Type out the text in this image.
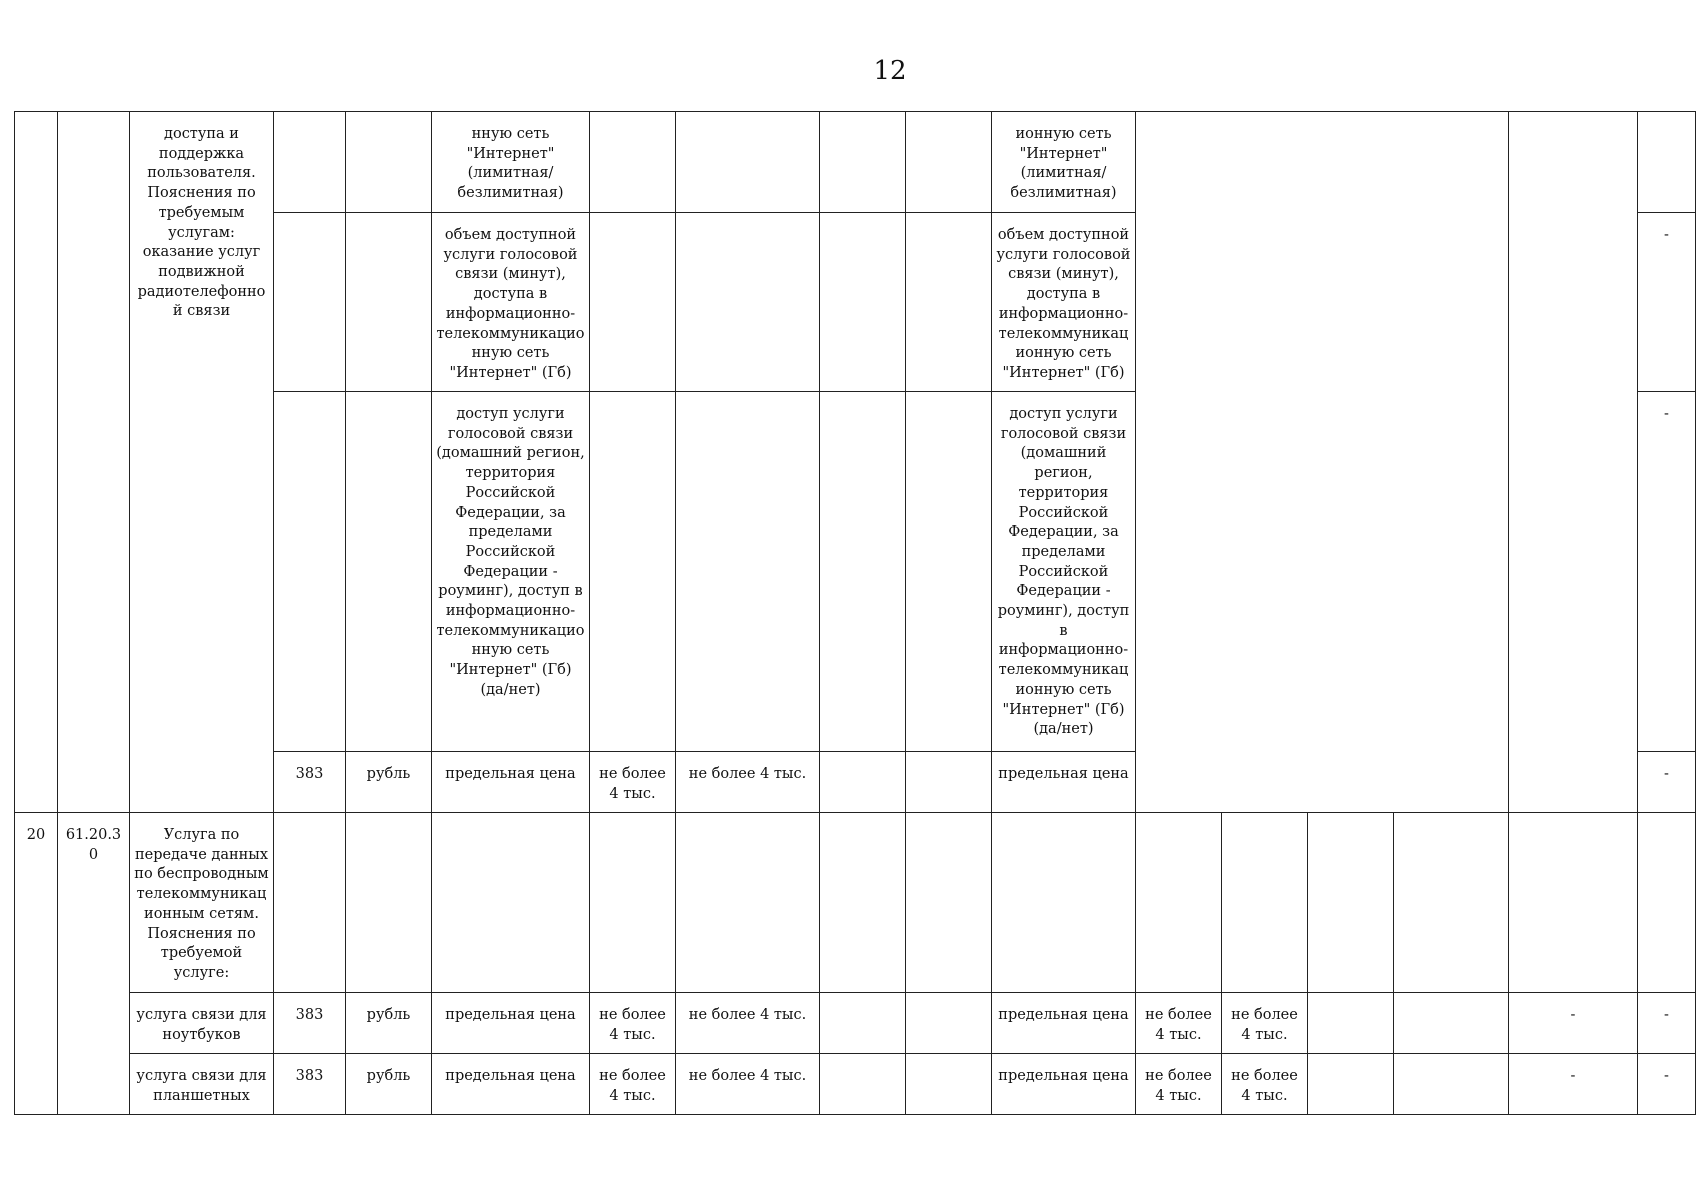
12
		доступа и поддержка пользователя. Пояснения по требуемым услугам: оказание услуг подвижной радиотелефонной связи			нную сеть "Интернет" (лимитная/ безлимитная)					ионную сеть "Интернет" (лимитная/ безлимитная)						
					объем доступной услуги голосовой связи (минут), доступа в информационно-телекоммуникационную сеть "Интернет" (Гб)					объем доступной услуги голосовой связи (минут), доступа в информационно-телекоммуникационную сеть "Интернет" (Гб)						-
					доступ услуги голосовой связи (домашний регион, территория Российской Федерации, за пределами Российской Федерации - роуминг), доступ в информационно-телекоммуникационную сеть "Интернет" (Гб) (да/нет)					доступ услуги голосовой связи (домашний регион, территория Российской Федерации, за пределами Российской Федерации - роуминг), доступ в информационно-телекоммуникационную сеть "Интернет" (Гб) (да/нет)						-
			383	рубль	предельная цена	не более 4 тыс.	не более 4 тыс.			предельная цена						-
20	61.20.30	Услуга по передаче данных по беспроводным телекоммуникационным сетям. Пояснения по требуемой услуге:														
		услуга связи для ноутбуков	383	рубль	предельная цена	не более 4 тыс.	не более 4 тыс.			предельная цена	не более 4 тыс.	не более 4 тыс.			-	-
		услуга связи для планшетных	383	рубль	предельная цена	не более 4 тыс.	не более 4 тыс.			предельная цена	не более 4 тыс.	не более 4 тыс.			-	-
